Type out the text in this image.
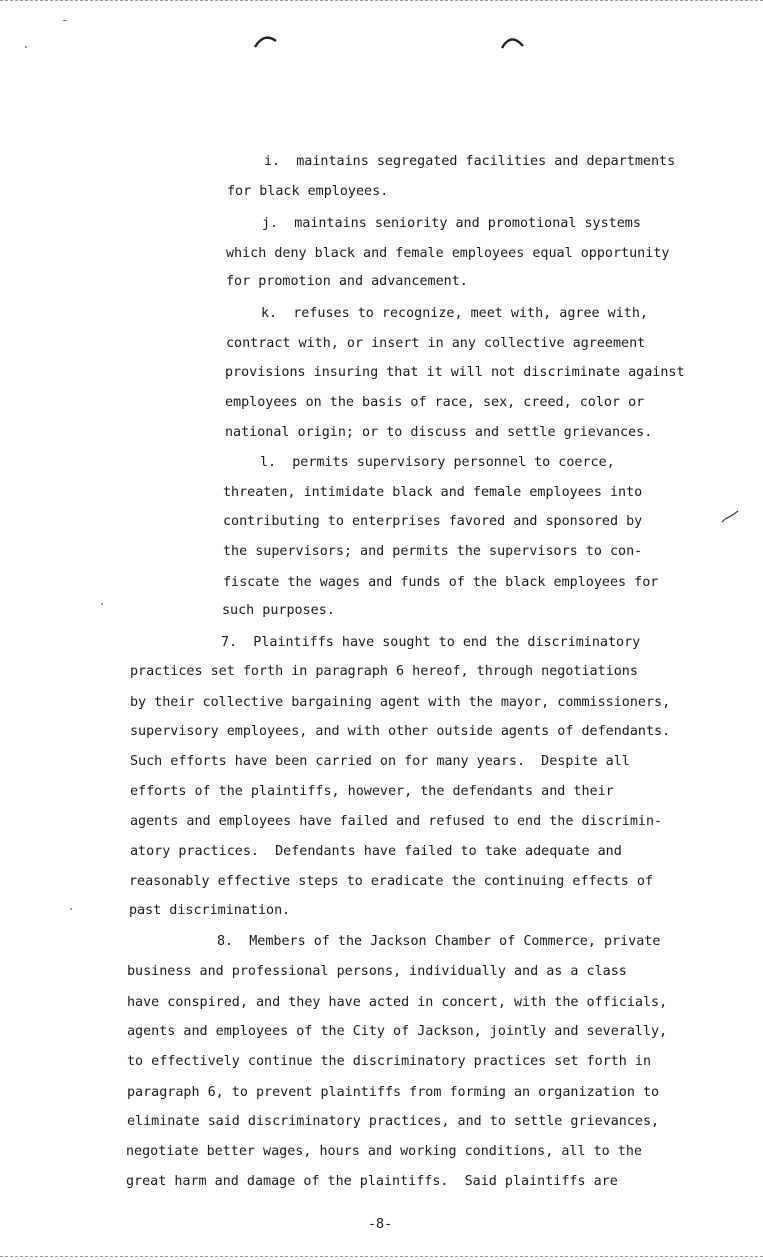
i.  maintains segregated facilities and departments
for black employees.
j.  maintains seniority and promotional systems
which deny black and female employees equal opportunity
for promotion and advancement.
k.  refuses to recognize, meet with, agree with,
contract with, or insert in any collective agreement
provisions insuring that it will not discriminate against
employees on the basis of race, sex, creed, color or
national origin; or to discuss and settle grievances.
l.  permits supervisory personnel to coerce,
threaten, intimidate black and female employees into
contributing to enterprises favored and sponsored by
the supervisors; and permits the supervisors to con-
fiscate the wages and funds of the black employees for
such purposes.
7.  Plaintiffs have sought to end the discriminatory
practices set forth in paragraph 6 hereof, through negotiations
by their collective bargaining agent with the mayor, commissioners,
supervisory employees, and with other outside agents of defendants.
Such efforts have been carried on for many years.  Despite all
efforts of the plaintiffs, however, the defendants and their
agents and employees have failed and refused to end the discrimin-
atory practices.  Defendants have failed to take adequate and
reasonably effective steps to eradicate the continuing effects of
past discrimination.
8.  Members of the Jackson Chamber of Commerce, private
business and professional persons, individually and as a class
have conspired, and they have acted in concert, with the officials,
agents and employees of the City of Jackson, jointly and severally,
to effectively continue the discriminatory practices set forth in
paragraph 6, to prevent plaintiffs from forming an organization to
eliminate said discriminatory practices, and to settle grievances,
negotiate better wages, hours and working conditions, all to the
great harm and damage of the plaintiffs.  Said plaintiffs are
-8-
